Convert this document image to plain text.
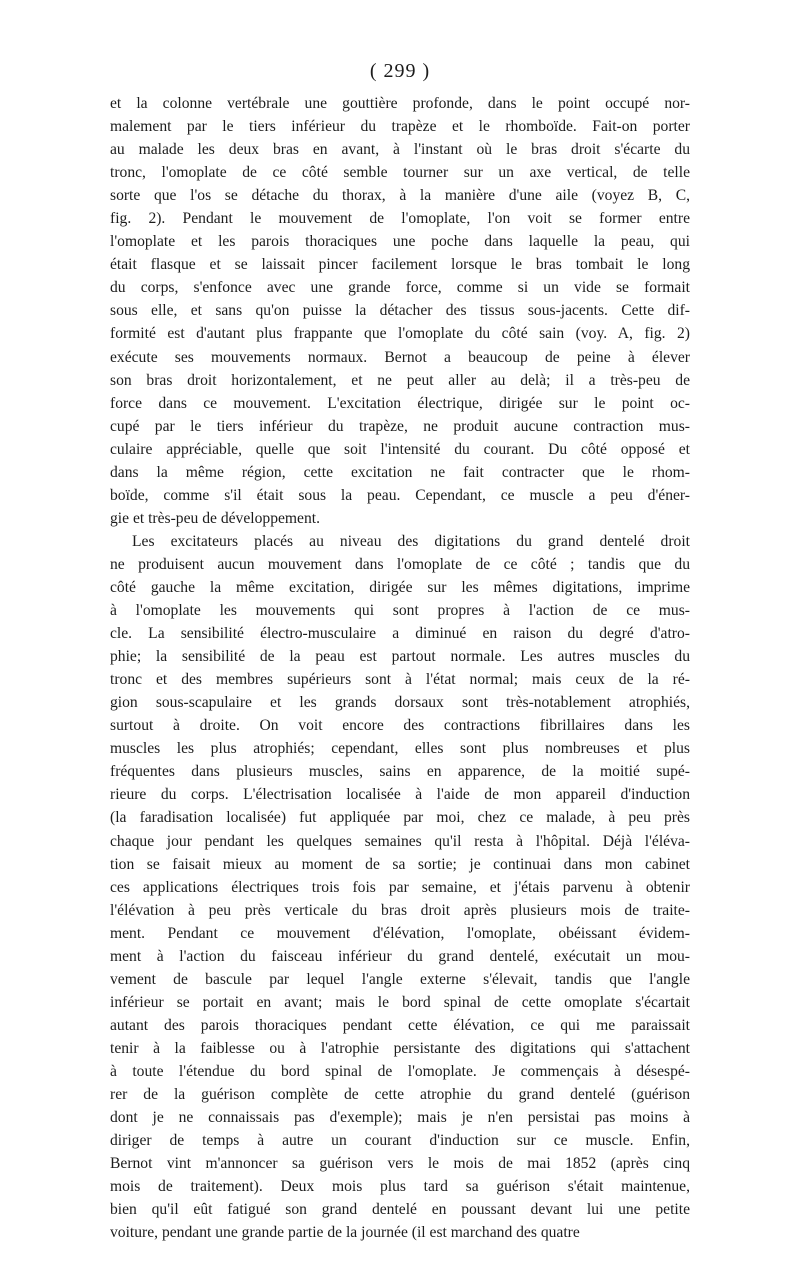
( 299 )
et la colonne vertébrale une gouttière profonde, dans le point occupé nor-
malement par le tiers inférieur du trapèze et le rhomboïde. Fait-on porter
au malade les deux bras en avant, à l'instant où le bras droit s'écarte du
tronc, l'omoplate de ce côté semble tourner sur un axe vertical, de telle
sorte que l'os se détache du thorax, à la manière d'une aile (voyez B, C,
fig. 2). Pendant le mouvement de l'omoplate, l'on voit se former entre
l'omoplate et les parois thoraciques une poche dans laquelle la peau, qui
était flasque et se laissait pincer facilement lorsque le bras tombait le long
du corps, s'enfonce avec une grande force, comme si un vide se formait
sous elle, et sans qu'on puisse la détacher des tissus sous-jacents. Cette dif-
formité est d'autant plus frappante que l'omoplate du côté sain (voy. A, fig. 2)
exécute ses mouvements normaux. Bernot a beaucoup de peine à élever
son bras droit horizontalement, et ne peut aller au delà; il a très-peu de
force dans ce mouvement. L'excitation électrique, dirigée sur le point oc-
cupé par le tiers inférieur du trapèze, ne produit aucune contraction mus-
culaire appréciable, quelle que soit l'intensité du courant. Du côté opposé et
dans la même région, cette excitation ne fait contracter que le rhom-
boïde, comme s'il était sous la peau. Cependant, ce muscle a peu d'éner-
gie et très-peu de développement.
Les excitateurs placés au niveau des digitations du grand dentelé droit
ne produisent aucun mouvement dans l'omoplate de ce côté ; tandis que du
côté gauche la même excitation, dirigée sur les mêmes digitations, imprime
à l'omoplate les mouvements qui sont propres à l'action de ce mus-
cle. La sensibilité électro-musculaire a diminué en raison du degré d'atro-
phie; la sensibilité de la peau est partout normale. Les autres muscles du
tronc et des membres supérieurs sont à l'état normal; mais ceux de la ré-
gion sous-scapulaire et les grands dorsaux sont très-notablement atrophiés,
surtout à droite. On voit encore des contractions fibrillaires dans les
muscles les plus atrophiés; cependant, elles sont plus nombreuses et plus
fréquentes dans plusieurs muscles, sains en apparence, de la moitié supé-
rieure du corps. L'électrisation localisée à l'aide de mon appareil d'induction
(la faradisation localisée) fut appliquée par moi, chez ce malade, à peu près
chaque jour pendant les quelques semaines qu'il resta à l'hôpital. Déjà l'éléva-
tion se faisait mieux au moment de sa sortie; je continuai dans mon cabinet
ces applications électriques trois fois par semaine, et j'étais parvenu à obtenir
l'élévation à peu près verticale du bras droit après plusieurs mois de traite-
ment. Pendant ce mouvement d'élévation, l'omoplate, obéissant évidem-
ment à l'action du faisceau inférieur du grand dentelé, exécutait un mou-
vement de bascule par lequel l'angle externe s'élevait, tandis que l'angle
inférieur se portait en avant; mais le bord spinal de cette omoplate s'écartait
autant des parois thoraciques pendant cette élévation, ce qui me paraissait
tenir à la faiblesse ou à l'atrophie persistante des digitations qui s'attachent
à toute l'étendue du bord spinal de l'omoplate. Je commençais à désespé-
rer de la guérison complète de cette atrophie du grand dentelé (guérison
dont je ne connaissais pas d'exemple); mais je n'en persistai pas moins à
diriger de temps à autre un courant d'induction sur ce muscle. Enfin,
Bernot vint m'annoncer sa guérison vers le mois de mai 1852 (après cinq
mois de traitement). Deux mois plus tard sa guérison s'était maintenue,
bien qu'il eût fatigué son grand dentelé en poussant devant lui une petite
voiture, pendant une grande partie de la journée (il est marchand des quatre
